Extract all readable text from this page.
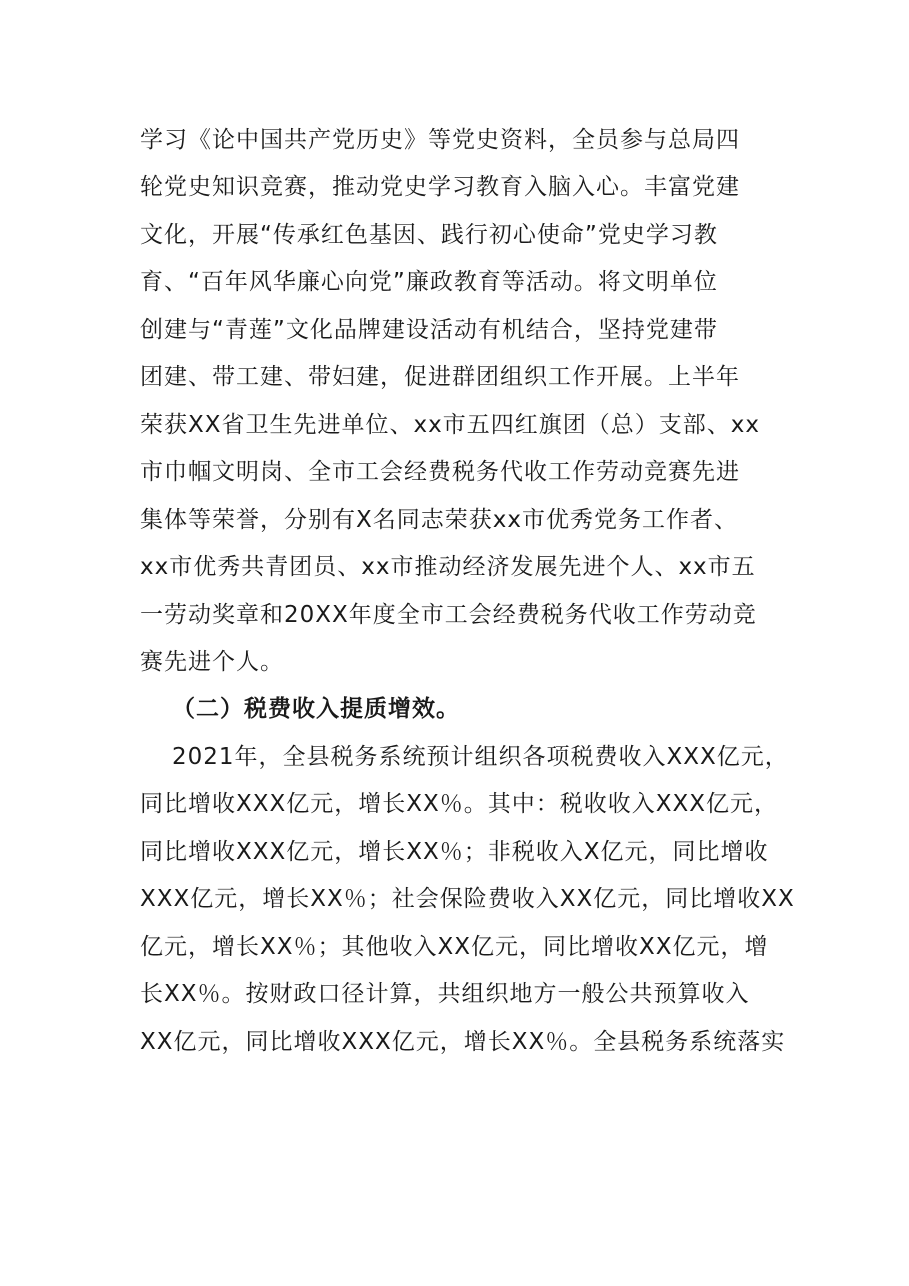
学习《论中国共产党历史》等党史资料，全员参与总局四
轮党史知识竞赛，推动党史学习教育入脑入心。丰富党建
文化，开展“传承红色基因、践行初心使命”党史学习教
育、“百年风华廉心向党”廉政教育等活动。将文明单位
创建与“青莲”文化品牌建设活动有机结合，坚持党建带
团建、带工建、带妇建，促进群团组织工作开展。上半年
荣获XX省卫生先进单位、xx市五四红旗团（总）支部、xx
市巾帼文明岗、全市工会经费税务代收工作劳动竞赛先进
集体等荣誉，分别有X名同志荣获xx市优秀党务工作者、
xx市优秀共青团员、xx市推动经济发展先进个人、xx市五
一劳动奖章和20XX年度全市工会经费税务代收工作劳动竞
赛先进个人。
（二）税费收入提质增效。
2021年，全县税务系统预计组织各项税费收入XXX亿元，
同比增收XXX亿元，增长XX％。其中：税收收入XXX亿元，
同比增收XXX亿元，增长XX％；非税收入X亿元，同比增收
XXX亿元，增长XX％；社会保险费收入XX亿元，同比增收XX
亿元，增长XX％；其他收入XX亿元，同比增收XX亿元，增
长XX％。按财政口径计算，共组织地方一般公共预算收入
XX亿元，同比增收XXX亿元，增长XX％。全县税务系统落实
